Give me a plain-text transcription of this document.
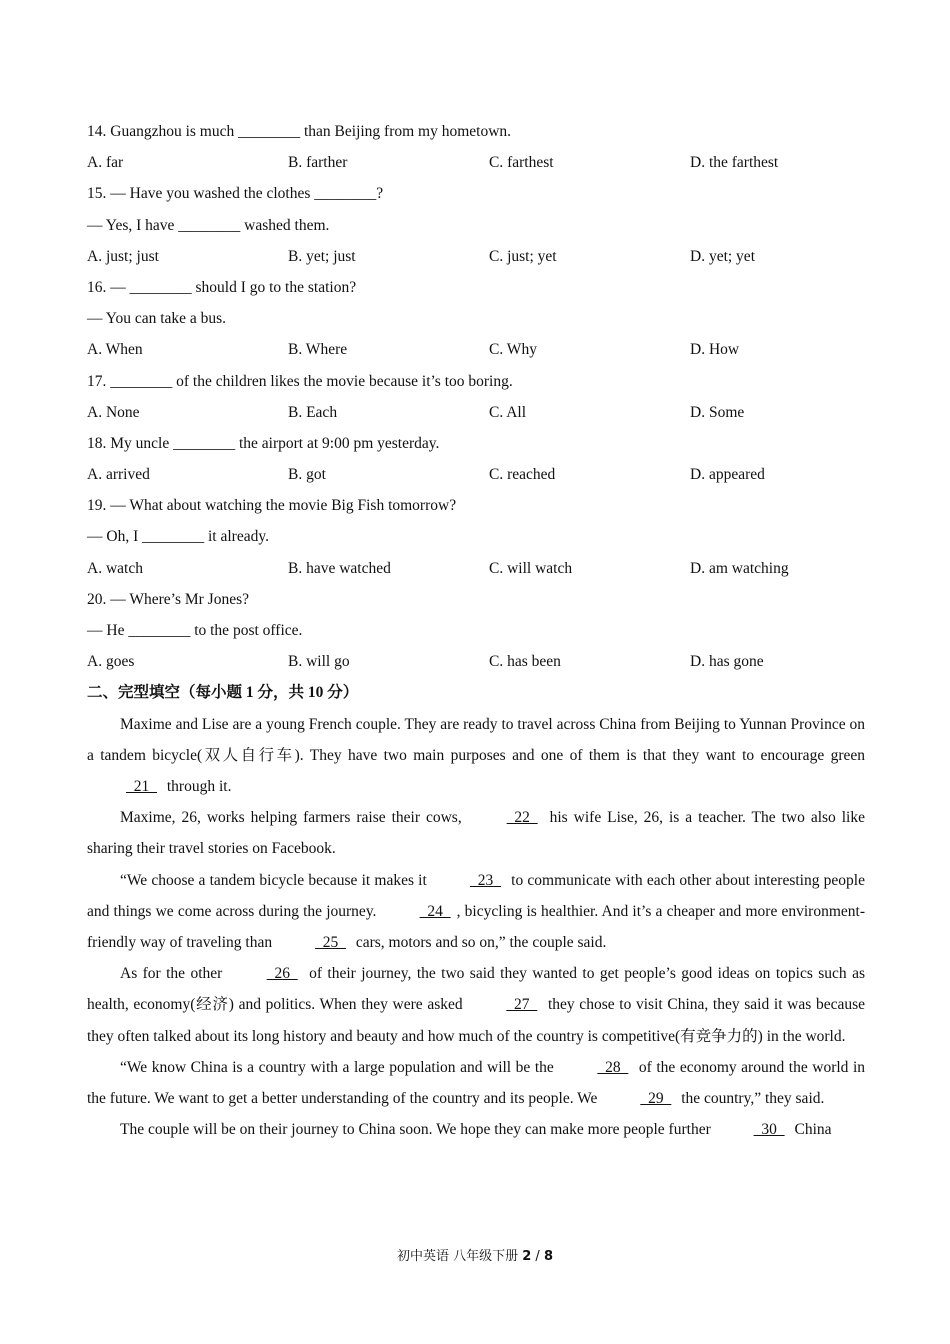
14. Guangzhou is much ________ than Beijing from my hometown.
A. far	B. farther	C. farthest	D. the farthest
15. — Have you washed the clothes ________?
— Yes, I have ________ washed them.
A. just; just	B. yet; just	C. just; yet	D. yet; yet
16. — ________ should I go to the station?
— You can take a bus.
A. When	B. Where	C. Why	D. How
17. ________ of the children likes the movie because it’s too boring.
A. None	B. Each	C. All	D. Some
18. My uncle ________ the airport at 9:00 pm yesterday.
A. arrived	B. got	C. reached	D. appeared
19. — What about watching the movie Big Fish tomorrow?
— Oh, I ________ it already.
A. watch	B. have watched	C. will watch	D. am watching
20. — Where’s Mr Jones?
— He ________ to the post office.
A. goes	B. will go	C. has been	D. has gone
二、完型填空（每小题 1 分，共 10 分）

Maxime and Lise are a young French couple. They are ready to travel across China from Beijing to Yunnan Province on a tandem bicycle(双人自行车). They have two main purposes and one of them is that they want to encourage green   21   through it.

Maxime, 26, works helping farmers raise their cows,	22   his wife Lise, 26, is a teacher. The two also like sharing their travel stories on Facebook.

“We choose a tandem bicycle because it makes it	23   to communicate with each other about interesting people and things we come across during the journey.	24  , bicycling is healthier. And it’s a cheaper and more environment-friendly way of traveling than	25   cars, motors and so on,” the couple said.

As for the other	26   of their journey, the two said they wanted to get people’s good ideas on topics such as health, economy(经济) and politics. When they were asked	27   they chose to visit China, they said it was because they often talked about its long history and beauty and how much of the country is competitive(有竞争力的) in the world.

“We know China is a country with a large population and will be the	28   of the economy around the world in the future. We want to get a better understanding of the country and its people. We	29   the country,” they said.

The couple will be on their journey to China soon. We hope they can make more people further	30   China

初中英语 八年级下册 2 / 8
